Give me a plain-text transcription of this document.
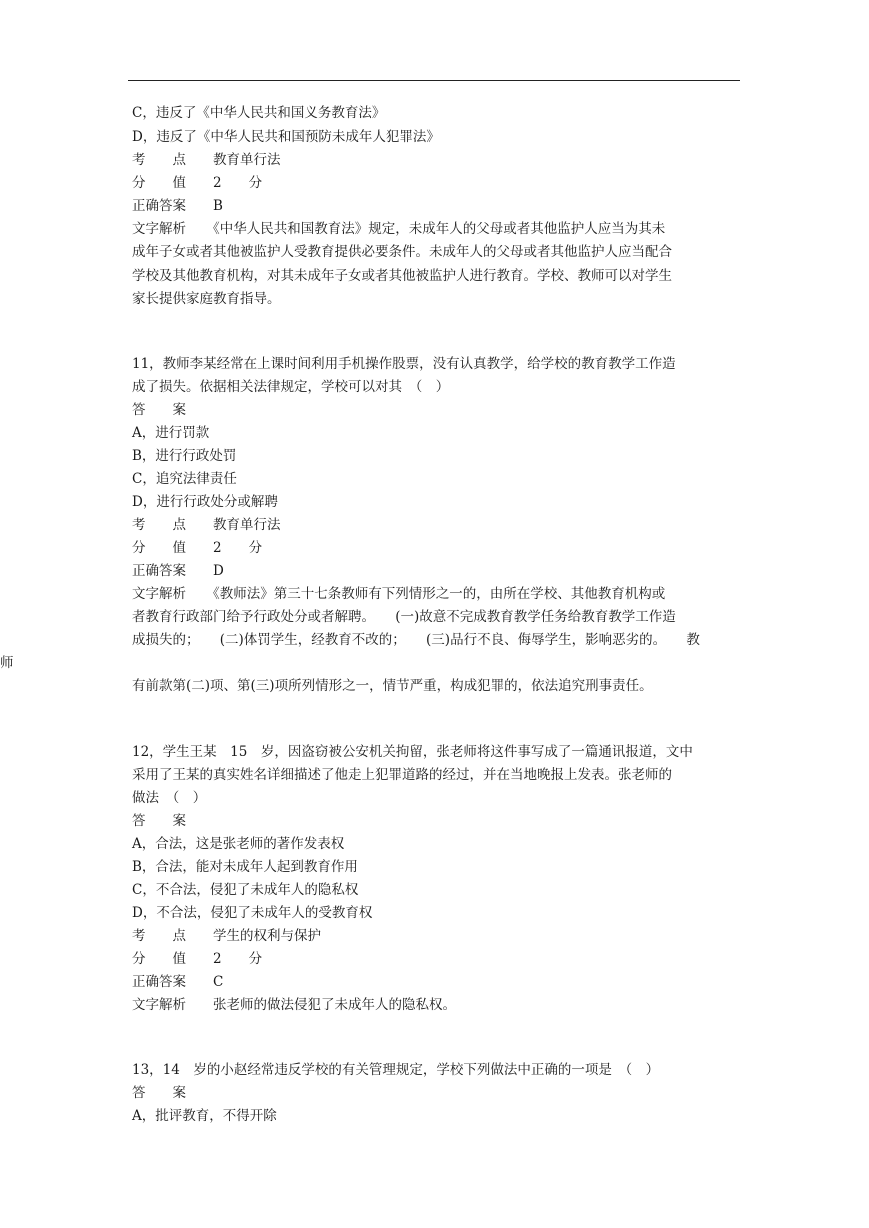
C，违反了《中华人民共和国义务教育法》
D，违反了《中华人民共和国预防未成年人犯罪法》
考　　点　　教育单行法
分　　值　　2　　分
正确答案　　B
文字解析　　《中华人民共和国教育法》规定，未成年人的父母或者其他监护人应当为其未
成年子女或者其他被监护人受教育提供必要条件。未成年人的父母或者其他监护人应当配合
学校及其他教育机构，对其未成年子女或者其他被监护人进行教育。学校、教师可以对学生
家长提供家庭教育指导。
11，教师李某经常在上课时间利用手机操作股票，没有认真教学，给学校的教育教学工作造
成了损失。依据相关法律规定，学校可以对其　（　）
答　　案
A，进行罚款
B，进行行政处罚
C，追究法律责任
D，进行行政处分或解聘
考　　点　　教育单行法
分　　值　　2　　分
正确答案　　D
文字解析　　《教师法》第三十七条教师有下列情形之一的，由所在学校、其他教育机构或
者教育行政部门给予行政处分或者解聘。　　(一)故意不完成教育教学任务给教育教学工作造
成损失的；　　(二)体罚学生，经教育不改的；　　(三)品行不良、侮辱学生，影响恶劣的。　　教
师
有前款第(二)项、第(三)项所列情形之一，情节严重，构成犯罪的，依法追究刑事责任。
12，学生王某　15　岁，因盗窃被公安机关拘留，张老师将这件事写成了一篇通讯报道，文中
采用了王某的真实姓名详细描述了他走上犯罪道路的经过，并在当地晚报上发表。张老师的
做法　（　）
答　　案
A，合法，这是张老师的著作发表权
B，合法，能对未成年人起到教育作用
C，不合法，侵犯了未成年人的隐私权
D，不合法，侵犯了未成年人的受教育权
考　　点　　学生的权利与保护
分　　值　　2　　分
正确答案　　C
文字解析　　张老师的做法侵犯了未成年人的隐私权。
13，14　岁的小赵经常违反学校的有关管理规定，学校下列做法中正确的一项是　（　）
答　　案
A，批评教育，不得开除
